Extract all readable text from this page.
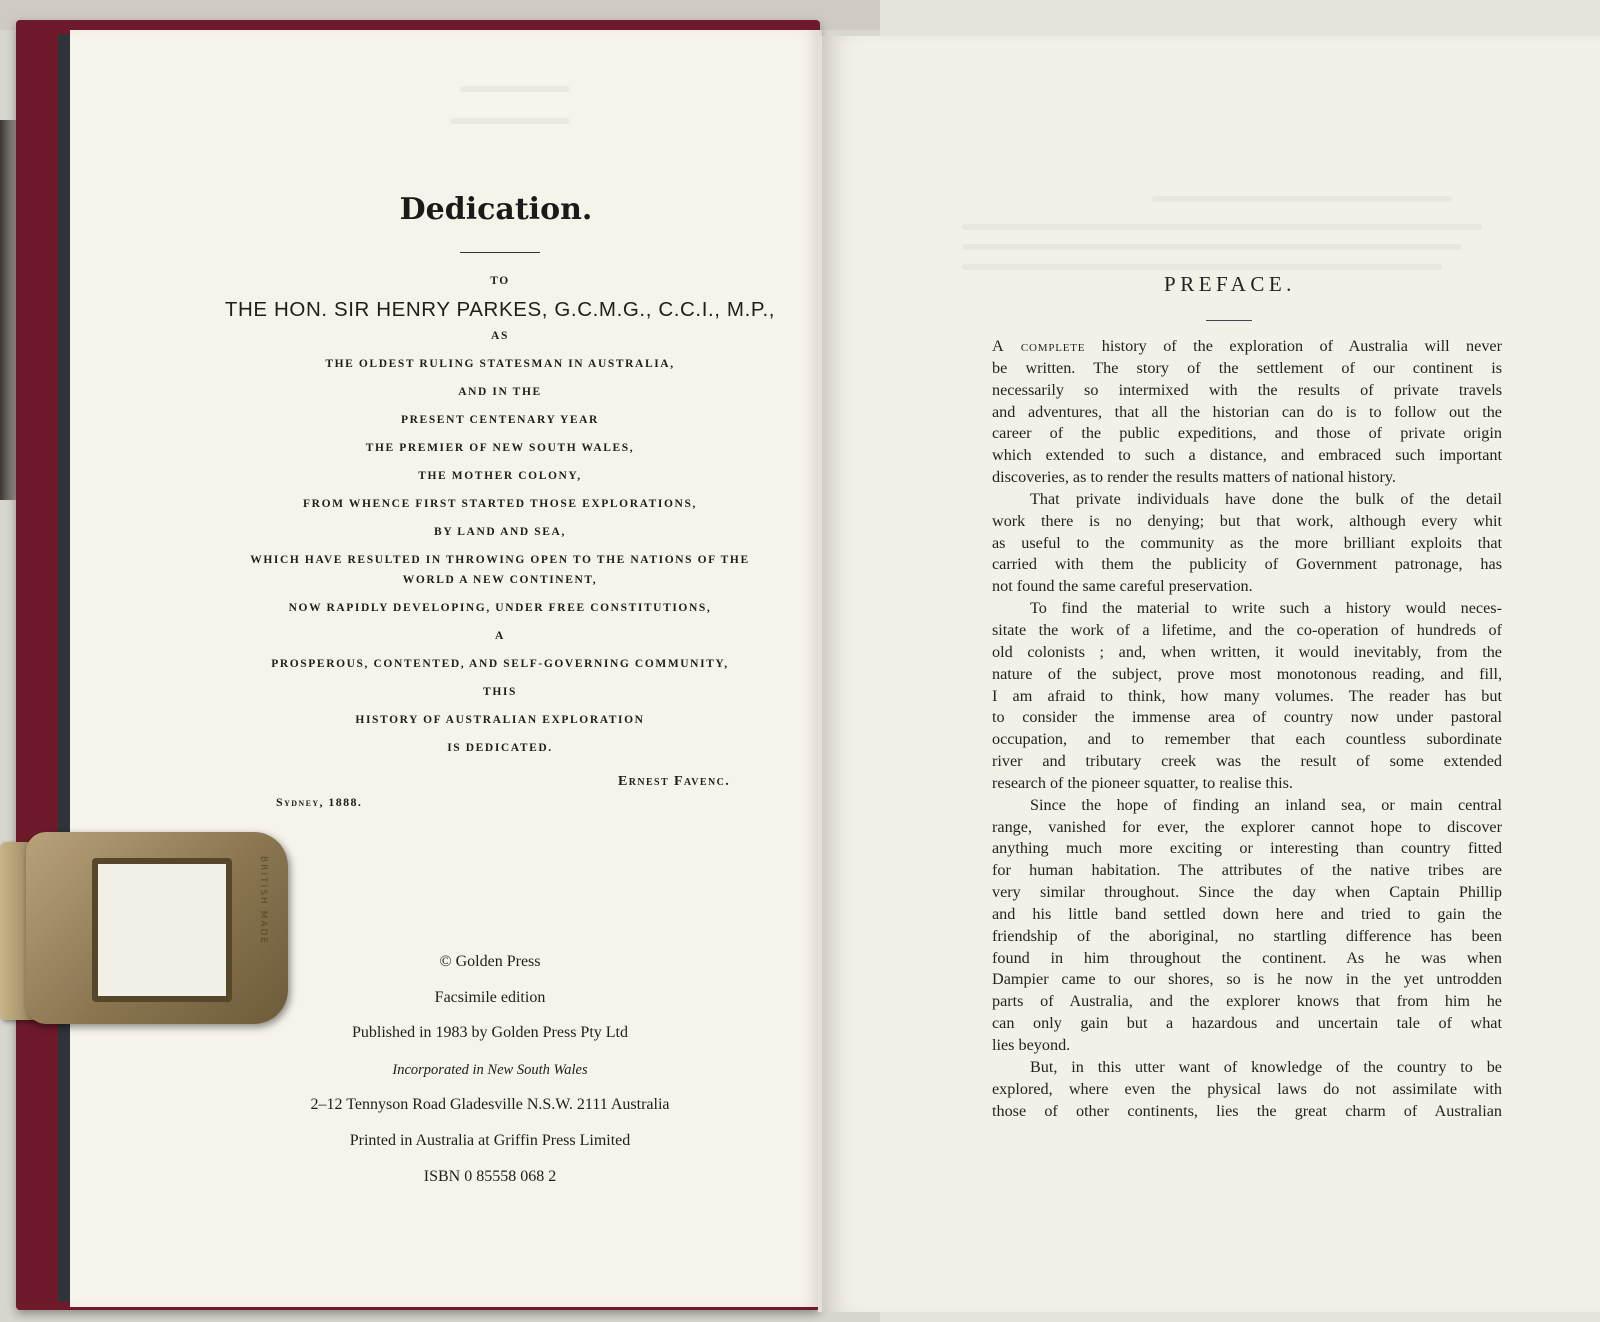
Dedication.
TO
THE HON. SIR HENRY PARKES, G.C.M.G., C.C.I., M.P.,
AS
THE OLDEST RULING STATESMAN IN AUSTRALIA,
AND IN THE
PRESENT CENTENARY YEAR
THE PREMIER OF NEW SOUTH WALES,
THE MOTHER COLONY,
FROM WHENCE FIRST STARTED THOSE EXPLORATIONS,
BY LAND AND SEA,
WHICH HAVE RESULTED IN THROWING OPEN TO THE NATIONS OF THE
WORLD A NEW CONTINENT,
NOW RAPIDLY DEVELOPING, UNDER FREE CONSTITUTIONS,
A
PROSPEROUS, CONTENTED, AND SELF-GOVERNING COMMUNITY,
THIS
HISTORY OF AUSTRALIAN EXPLORATION
IS DEDICATED.
Ernest Favenc.
Sydney, 1888.
© Golden Press
Facsimile edition
Published in 1983 by Golden Press Pty Ltd
Incorporated in New South Wales
2–12 Tennyson Road Gladesville N.S.W. 2111 Australia
Printed in Australia at Griffin Press Limited
ISBN 0 85558 068 2
BRITISH MADE
PREFACE.
A complete history of the exploration of Australia will never
be written. The story of the settlement of our continent is
necessarily so intermixed with the results of private travels
and adventures, that all the historian can do is to follow out the
career of the public expeditions, and those of private origin
which extended to such a distance, and embraced such important
discoveries, as to render the results matters of national history.
That private individuals have done the bulk of the detail
work there is no denying; but that work, although every whit
as useful to the community as the more brilliant exploits that
carried with them the publicity of Government patronage, has
not found the same careful preservation.
To find the material to write such a history would neces-
sitate the work of a lifetime, and the co-operation of hundreds of
old colonists ; and, when written, it would inevitably, from the
nature of the subject, prove most monotonous reading, and fill,
I am afraid to think, how many volumes. The reader has but
to consider the immense area of country now under pastoral
occupation, and to remember that each countless subordinate
river and tributary creek was the result of some extended
research of the pioneer squatter, to realise this.
Since the hope of finding an inland sea, or main central
range, vanished for ever, the explorer cannot hope to discover
anything much more exciting or interesting than country fitted
for human habitation. The attributes of the native tribes are
very similar throughout. Since the day when Captain Phillip
and his little band settled down here and tried to gain the
friendship of the aboriginal, no startling difference has been
found in him throughout the continent. As he was when
Dampier came to our shores, so is he now in the yet untrodden
parts of Australia, and the explorer knows that from him he
can only gain but a hazardous and uncertain tale of what
lies beyond.
But, in this utter want of knowledge of the country to be
explored, where even the physical laws do not assimilate with
those of other continents, lies the great charm of Australian
